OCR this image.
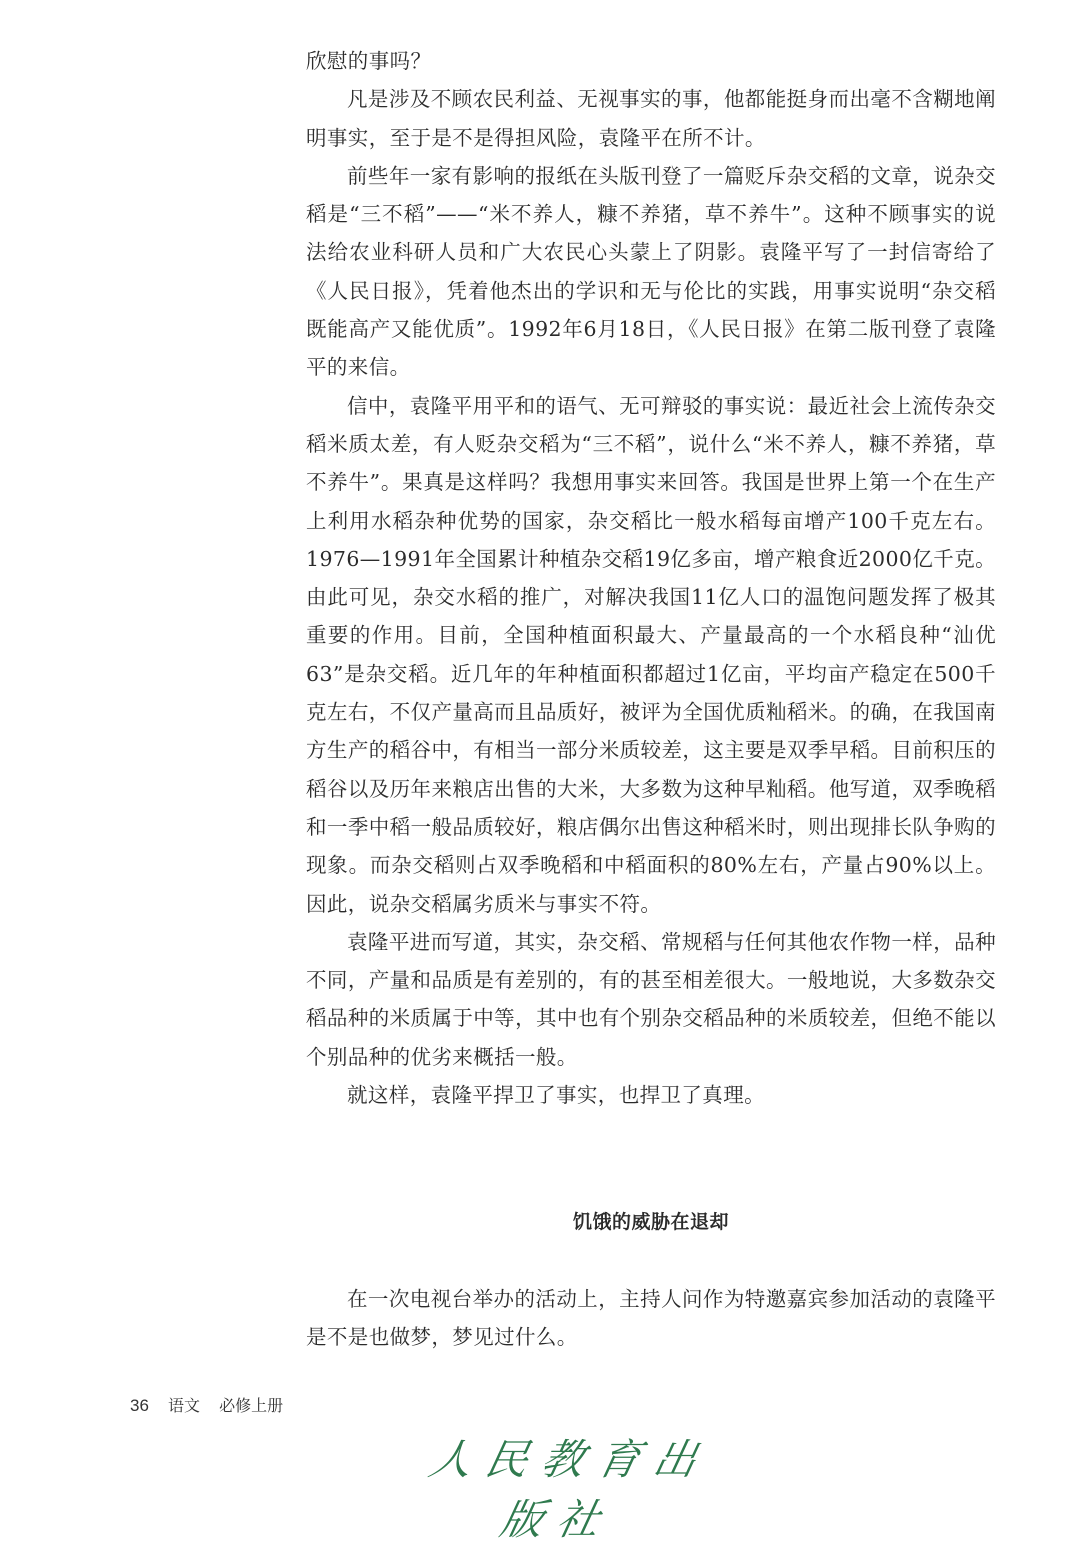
欣慰的事吗？

凡是涉及不顾农民利益、无视事实的事，他都能挺身而出毫不含糊地阐明事实，至于是不是得担风险，袁隆平在所不计。

前些年一家有影响的报纸在头版刊登了一篇贬斥杂交稻的文章，说杂交稻是“三不稻”——“米不养人，糠不养猪，草不养牛”。这种不顾事实的说法给农业科研人员和广大农民心头蒙上了阴影。袁隆平写了一封信寄给了《人民日报》，凭着他杰出的学识和无与伦比的实践，用事实说明“杂交稻既能高产又能优质”。1992年6月18日，《人民日报》在第二版刊登了袁隆平的来信。

信中，袁隆平用平和的语气、无可辩驳的事实说：最近社会上流传杂交稻米质太差，有人贬杂交稻为“三不稻”，说什么“米不养人，糠不养猪，草不养牛”。果真是这样吗？我想用事实来回答。我国是世界上第一个在生产上利用水稻杂种优势的国家，杂交稻比一般水稻每亩增产100千克左右。1976—1991年全国累计种植杂交稻19亿多亩，增产粮食近2000亿千克。由此可见，杂交水稻的推广，对解决我国11亿人口的温饱问题发挥了极其重要的作用。目前，全国种植面积最大、产量最高的一个水稻良种“汕优63”是杂交稻。近几年的年种植面积都超过1亿亩，平均亩产稳定在500千克左右，不仅产量高而且品质好，被评为全国优质籼稻米。的确，在我国南方生产的稻谷中，有相当一部分米质较差，这主要是双季早稻。目前积压的稻谷以及历年来粮店出售的大米，大多数为这种早籼稻。他写道，双季晚稻和一季中稻一般品质较好，粮店偶尔出售这种稻米时，则出现排长队争购的现象。而杂交稻则占双季晚稻和中稻面积的80%左右，产量占90%以上。因此，说杂交稻属劣质米与事实不符。

袁隆平进而写道，其实，杂交稻、常规稻与任何其他农作物一样，品种不同，产量和品质是有差别的，有的甚至相差很大。一般地说，大多数杂交稻品种的米质属于中等，其中也有个别杂交稻品种的米质较差，但绝不能以个别品种的优劣来概括一般。

就这样，袁隆平捍卫了事实，也捍卫了真理。

饥饿的威胁在退却

在一次电视台举办的活动上，主持人问作为特邀嘉宾参加活动的袁隆平是不是也做梦，梦见过什么。

36 语文 必修上册
人民教育出版社
